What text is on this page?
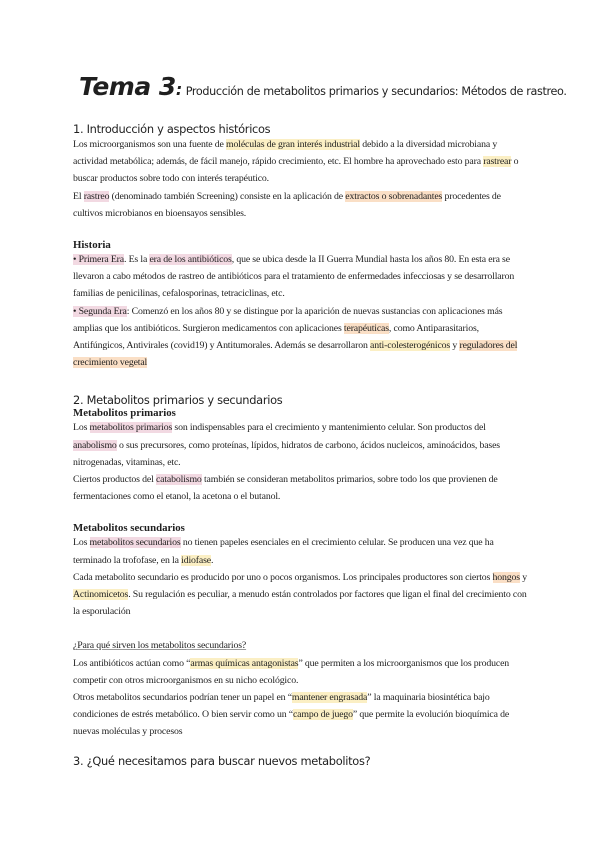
Tema 3 :
Producción de metabolitos primarios y secundarios: Métodos de rastreo.
1. Introducción y aspectos históricos

Los microorganismos son una fuente de moléculas de gran interés industrial debido a la diversidad microbiana y actividad metabólica; además, de fácil manejo, rápido crecimiento, etc. El hombre ha aprovechado esto para rastrear o buscar productos sobre todo con interés terapéutico.

El rastreo (denominado también Screening) consiste en la aplicación de extractos o sobrenadantes procedentes de cultivos microbianos en bioensayos sensibles.

Historia

• Primera Era. Es la era de los antibióticos, que se ubica desde la II Guerra Mundial hasta los años 80. En esta era se llevaron a cabo métodos de rastreo de antibióticos para el tratamiento de enfermedades infecciosas y se desarrollaron familias de penicilinas, cefalosporinas, tetraciclinas, etc.

• Segunda Era: Comenzó en los años 80 y se distingue por la aparición de nuevas sustancias con aplicaciones más amplias que los antibióticos. Surgieron medicamentos con aplicaciones terapéuticas, como Antiparasitarios, Antifúngicos, Antivirales (covid19) y Antitumorales. Además se desarrollaron anti-colesterogénicos y reguladores del crecimiento vegetal

2. Metabolitos primarios y secundarios
Metabolitos primarios

Los metabolitos primarios son indispensables para el crecimiento y mantenimiento celular. Son productos del anabolismo o sus precursores, como proteínas, lípidos, hidratos de carbono, ácidos nucleicos, aminoácidos, bases nitrogenadas, vitaminas, etc.

Ciertos productos del catabolismo también se consideran metabolitos primarios, sobre todo los que provienen de fermentaciones como el etanol, la acetona o el butanol.

Metabolitos secundarios

Los metabolitos secundarios no tienen papeles esenciales en el crecimiento celular. Se producen una vez que ha terminado la trofofase, en la idiofase.

Cada metabolito secundario es producido por uno o pocos organismos. Los principales productores son ciertos hongos y Actinomicetos. Su regulación es peculiar, a menudo están controlados por factores que ligan el final del crecimiento con la esporulación

¿Para qué sirven los metabolitos secundarios?

Los antibióticos actúan como “armas químicas antagonistas” que permiten a los microorganismos que los producen competir con otros microorganismos en su nicho ecológico.

Otros metabolitos secundarios podrían tener un papel en “mantener engrasada” la maquinaria biosintética bajo condiciones de estrés metabólico. O bien servir como un “campo de juego” que permite la evolución bioquímica de nuevas moléculas y procesos

3. ¿Qué necesitamos para buscar nuevos metabolitos?
